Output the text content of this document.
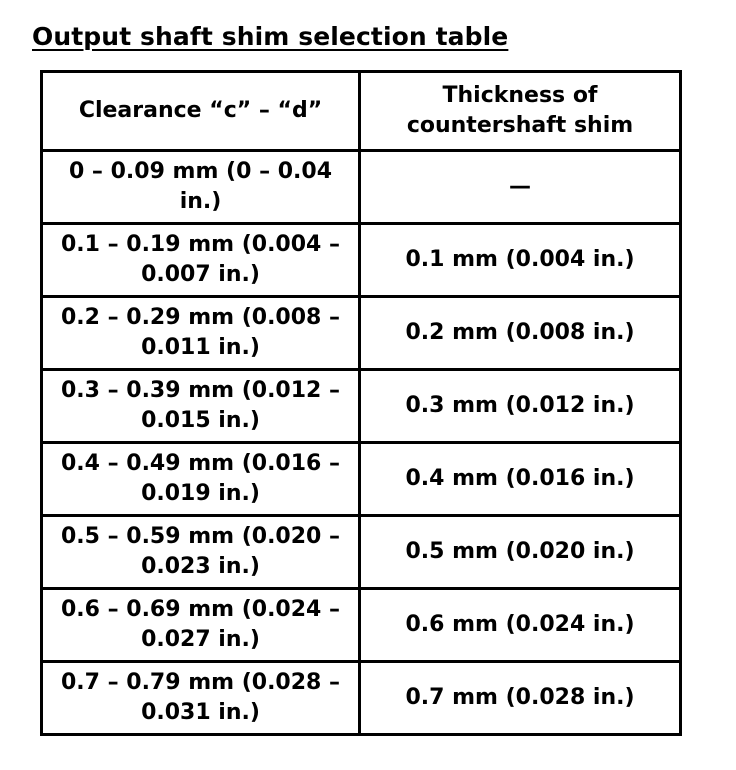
Output shaft shim selection table
Clearance “c” – “d”	Thickness of countershaft shim
0 – 0.09 mm (0 – 0.04 in.)	—
0.1 – 0.19 mm (0.004 – 0.007 in.)	0.1 mm (0.004 in.)
0.2 – 0.29 mm (0.008 – 0.011 in.)	0.2 mm (0.008 in.)
0.3 – 0.39 mm (0.012 – 0.015 in.)	0.3 mm (0.012 in.)
0.4 – 0.49 mm (0.016 – 0.019 in.)	0.4 mm (0.016 in.)
0.5 – 0.59 mm (0.020 – 0.023 in.)	0.5 mm (0.020 in.)
0.6 – 0.69 mm (0.024 – 0.027 in.)	0.6 mm (0.024 in.)
0.7 – 0.79 mm (0.028 – 0.031 in.)	0.7 mm (0.028 in.)
